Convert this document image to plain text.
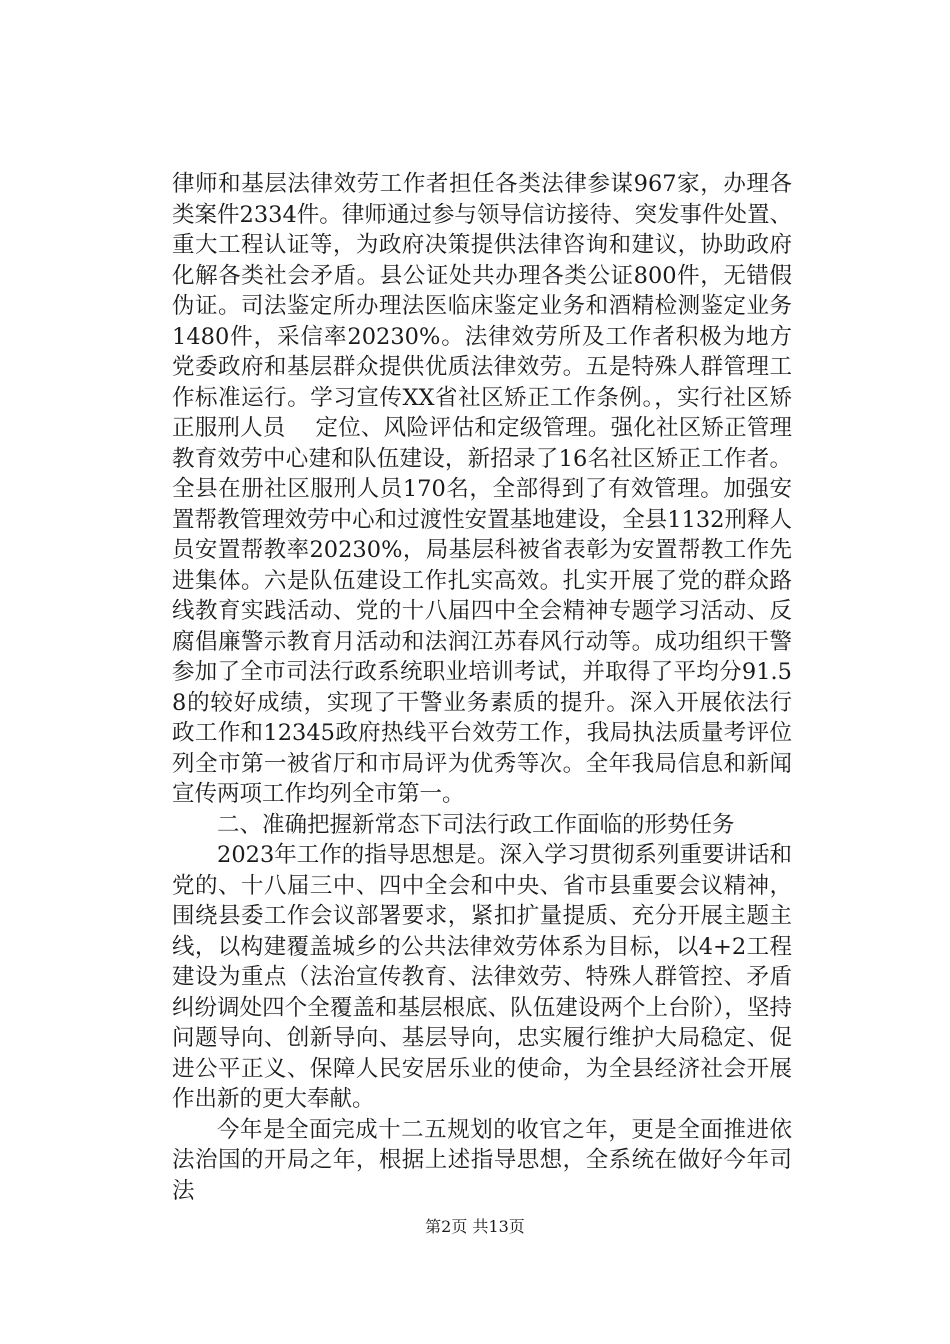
律师和基层法律效劳工作者担任各类法律参谋967家，办理各类案件2334件。律师通过参与领导信访接待、突发事件处置、重大工程认证等，为政府决策提供法律咨询和建议，协助政府化解各类社会矛盾。县公证处共办理各类公证800件，无错假伪证。司法鉴定所办理法医临床鉴定业务和酒精检测鉴定业务1480件，采信率20230%。法律效劳所及工作者积极为地方党委政府和基层群众提供优质法律效劳。五是特殊人群管理工作标准运行。学习宣传XX省社区矫正工作条例。，实行社区矫正服刑人员　 定位、风险评估和定级管理。强化社区矫正管理教育效劳中心建和队伍建设，新招录了16名社区矫正工作者。全县在册社区服刑人员170名，全部得到了有效管理。加强安置帮教管理效劳中心和过渡性安置基地建设，全县1132刑释人员安置帮教率20230%，局基层科被省表彰为安置帮教工作先进集体。六是队伍建设工作扎实高效。扎实开展了党的群众路线教育实践活动、党的十八届四中全会精神专题学习活动、反腐倡廉警示教育月活动和法润江苏春风行动等。成功组织干警参加了全市司法行政系统职业培训考试，并取得了平均分91.58的较好成绩，实现了干警业务素质的提升。深入开展依法行政工作和12345政府热线平台效劳工作，我局执法质量考评位列全市第一被省厅和市局评为优秀等次。全年我局信息和新闻宣传两项工作均列全市第一。

二、准确把握新常态下司法行政工作面临的形势任务

2023年工作的指导思想是。深入学习贯彻系列重要讲话和党的、十八届三中、四中全会和中央、省市县重要会议精神，围绕县委工作会议部署要求，紧扣扩量提质、充分开展主题主线，以构建覆盖城乡的公共法律效劳体系为目标，以4+2工程建设为重点（法治宣传教育、法律效劳、特殊人群管控、矛盾纠纷调处四个全覆盖和基层根底、队伍建设两个上台阶），坚持问题导向、创新导向、基层导向，忠实履行维护大局稳定、促进公平正义、保障人民安居乐业的使命，为全县经济社会开展作出新的更大奉献。

今年是全面完成十二五规划的收官之年，更是全面推进依法治国的开局之年，根据上述指导思想，全系统在做好今年司法

第2页 共13页
